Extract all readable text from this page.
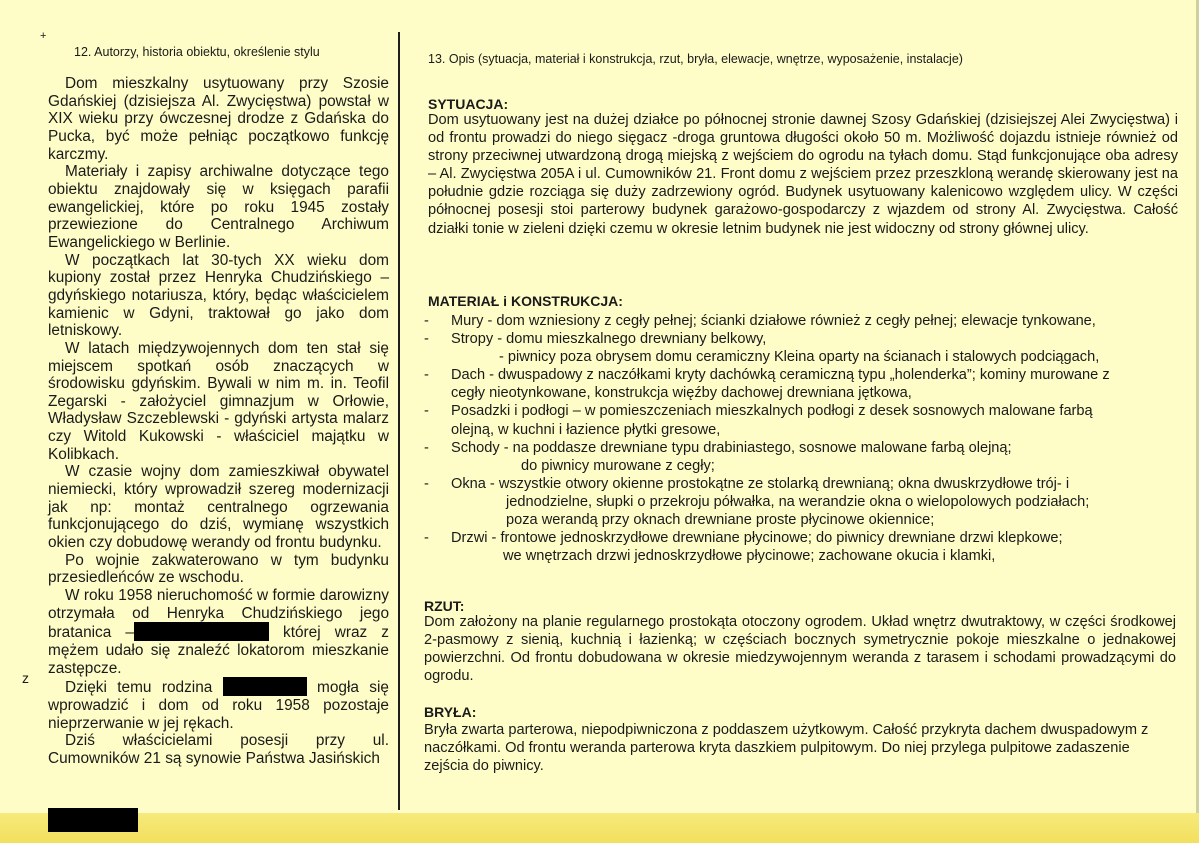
+
12. Autorzy, historia obiektu, określenie stylu

Dom mieszkalny usytuowany przy Szosie Gdańskiej (dzisiejsza Al. Zwycięstwa) powstał w XIX wieku przy ówczesnej drodze z Gdańska do Pucka, być może pełniąc początkowo funkcję karczmy.

Materiały i zapisy archiwalne dotyczące tego obiektu znajdowały się w księgach parafii ewangelickiej, które po roku 1945 zostały przewiezione do Centralnego Archiwum Ewangelickiego w Berlinie.

W początkach lat 30-tych XX wieku dom kupiony został przez Henryka Chudzińskiego – gdyńskiego notariusza, który, będąc właścicielem kamienic w Gdyni, traktował go jako dom letniskowy.

W latach międzywojennych dom ten stał się miejscem spotkań osób znaczących w środowisku gdyńskim. Bywali w nim m. in. Teofil Zegarski - założyciel gimnazjum w Orłowie, Władysław Szczeblewski - gdyński artysta malarz czy Witold Kukowski - właściciel majątku w Kolibkach.

W czasie wojny dom zamieszkiwał obywatel niemiecki, który wprowadził szereg modernizacji jak np: montaż centralnego ogrzewania funkcjonującego do dziś, wymianę wszystkich okien czy dobudowę werandy od frontu budynku.

Po wojnie zakwaterowano w tym budynku przesiedleńców ze wschodu.

W roku 1958 nieruchomość w formie darowizny otrzymała od Henryka Chudzińskiego jego bratanica –	której wraz z mężem udało się znaleźć lokatorom mieszkanie zastępcze.

Dzięki temu rodzina	mogła się wprowadzić i dom od roku 1958 pozostaje nieprzerwanie w jej rękach.

Dziś właścicielami posesji przy ul. Cumowników 21 są synowie Państwa Jasińskich

z
13. Opis (sytuacja, materiał i konstrukcja, rzut, bryła, elewacje, wnętrze, wyposażenie, instalacje)
SYTUACJA:
Dom usytuowany jest na dużej działce po północnej stronie dawnej Szosy Gdańskiej (dzisiejszej Alei Zwycięstwa) i od frontu prowadzi do niego sięgacz -droga gruntowa długości około 50 m. Możliwość dojazdu istnieje również od strony przeciwnej utwardzoną drogą miejską z wejściem do ogrodu na tyłach domu. Stąd funkcjonujące oba adresy – Al. Zwycięstwa 205A i ul. Cumowników 21. Front domu z wejściem przez przeszkloną werandę skierowany jest na południe gdzie rozciąga się duży zadrzewiony ogród. Budynek usytuowany kalenicowo względem ulicy. W części północnej posesji stoi parterowy budynek garażowo-gospodarczy z wjazdem od strony Al. Zwycięstwa. Całość działki tonie w zieleni dzięki czemu w okresie letnim budynek nie jest widoczny od strony głównej ulicy.
MATERIAŁ i KONSTRUKCJA:
- Mury - dom wzniesiony z cegły pełnej; ścianki działowe również z cegły pełnej; elewacje tynkowane,
- Stropy - domu mieszkalnego drewniany belkowy,
- piwnicy poza obrysem domu ceramiczny Kleina oparty na ścianach i stalowych podciągach,
- Dach - dwuspadowy z naczółkami kryty dachówką ceramiczną typu „holenderka”; kominy murowane z
cegły nieotynkowane, konstrukcja więźby dachowej drewniana jętkowa,
- Posadzki i podłogi – w pomieszczeniach mieszkalnych podłogi z desek sosnowych malowane farbą
olejną, w kuchni i łazience płytki gresowe,
- Schody - na poddasze drewniane typu drabiniastego, sosnowe malowane farbą olejną;
do piwnicy murowane z cegły;
- Okna - wszystkie otwory okienne prostokątne ze stolarką drewnianą; okna dwuskrzydłowe trój- i
jednodzielne, słupki o przekroju półwałka, na werandzie okna o wielopolowych podziałach;
poza werandą przy oknach drewniane proste płycinowe okiennice;
- Drzwi - frontowe jednoskrzydłowe drewniane płycinowe; do piwnicy drewniane drzwi klepkowe;
we wnętrzach drzwi jednoskrzydłowe płycinowe; zachowane okucia i klamki,
RZUT:
Dom założony na planie regularnego prostokąta otoczony ogrodem. Układ wnętrz dwutraktowy, w części środkowej 2-pasmowy z sienią, kuchnią i łazienką; w częściach bocznych symetrycznie pokoje mieszkalne o jednakowej powierzchni. Od frontu dobudowana w okresie miedzywojennym weranda z tarasem i schodami prowadzącymi do ogrodu.
BRYŁA:
Bryła zwarta parterowa, niepodpiwniczona z poddaszem użytkowym. Całość przykryta dachem dwuspadowym z naczółkami. Od frontu weranda parterowa kryta daszkiem pulpitowym. Do niej przylega pulpitowe zadaszenie zejścia do piwnicy.
